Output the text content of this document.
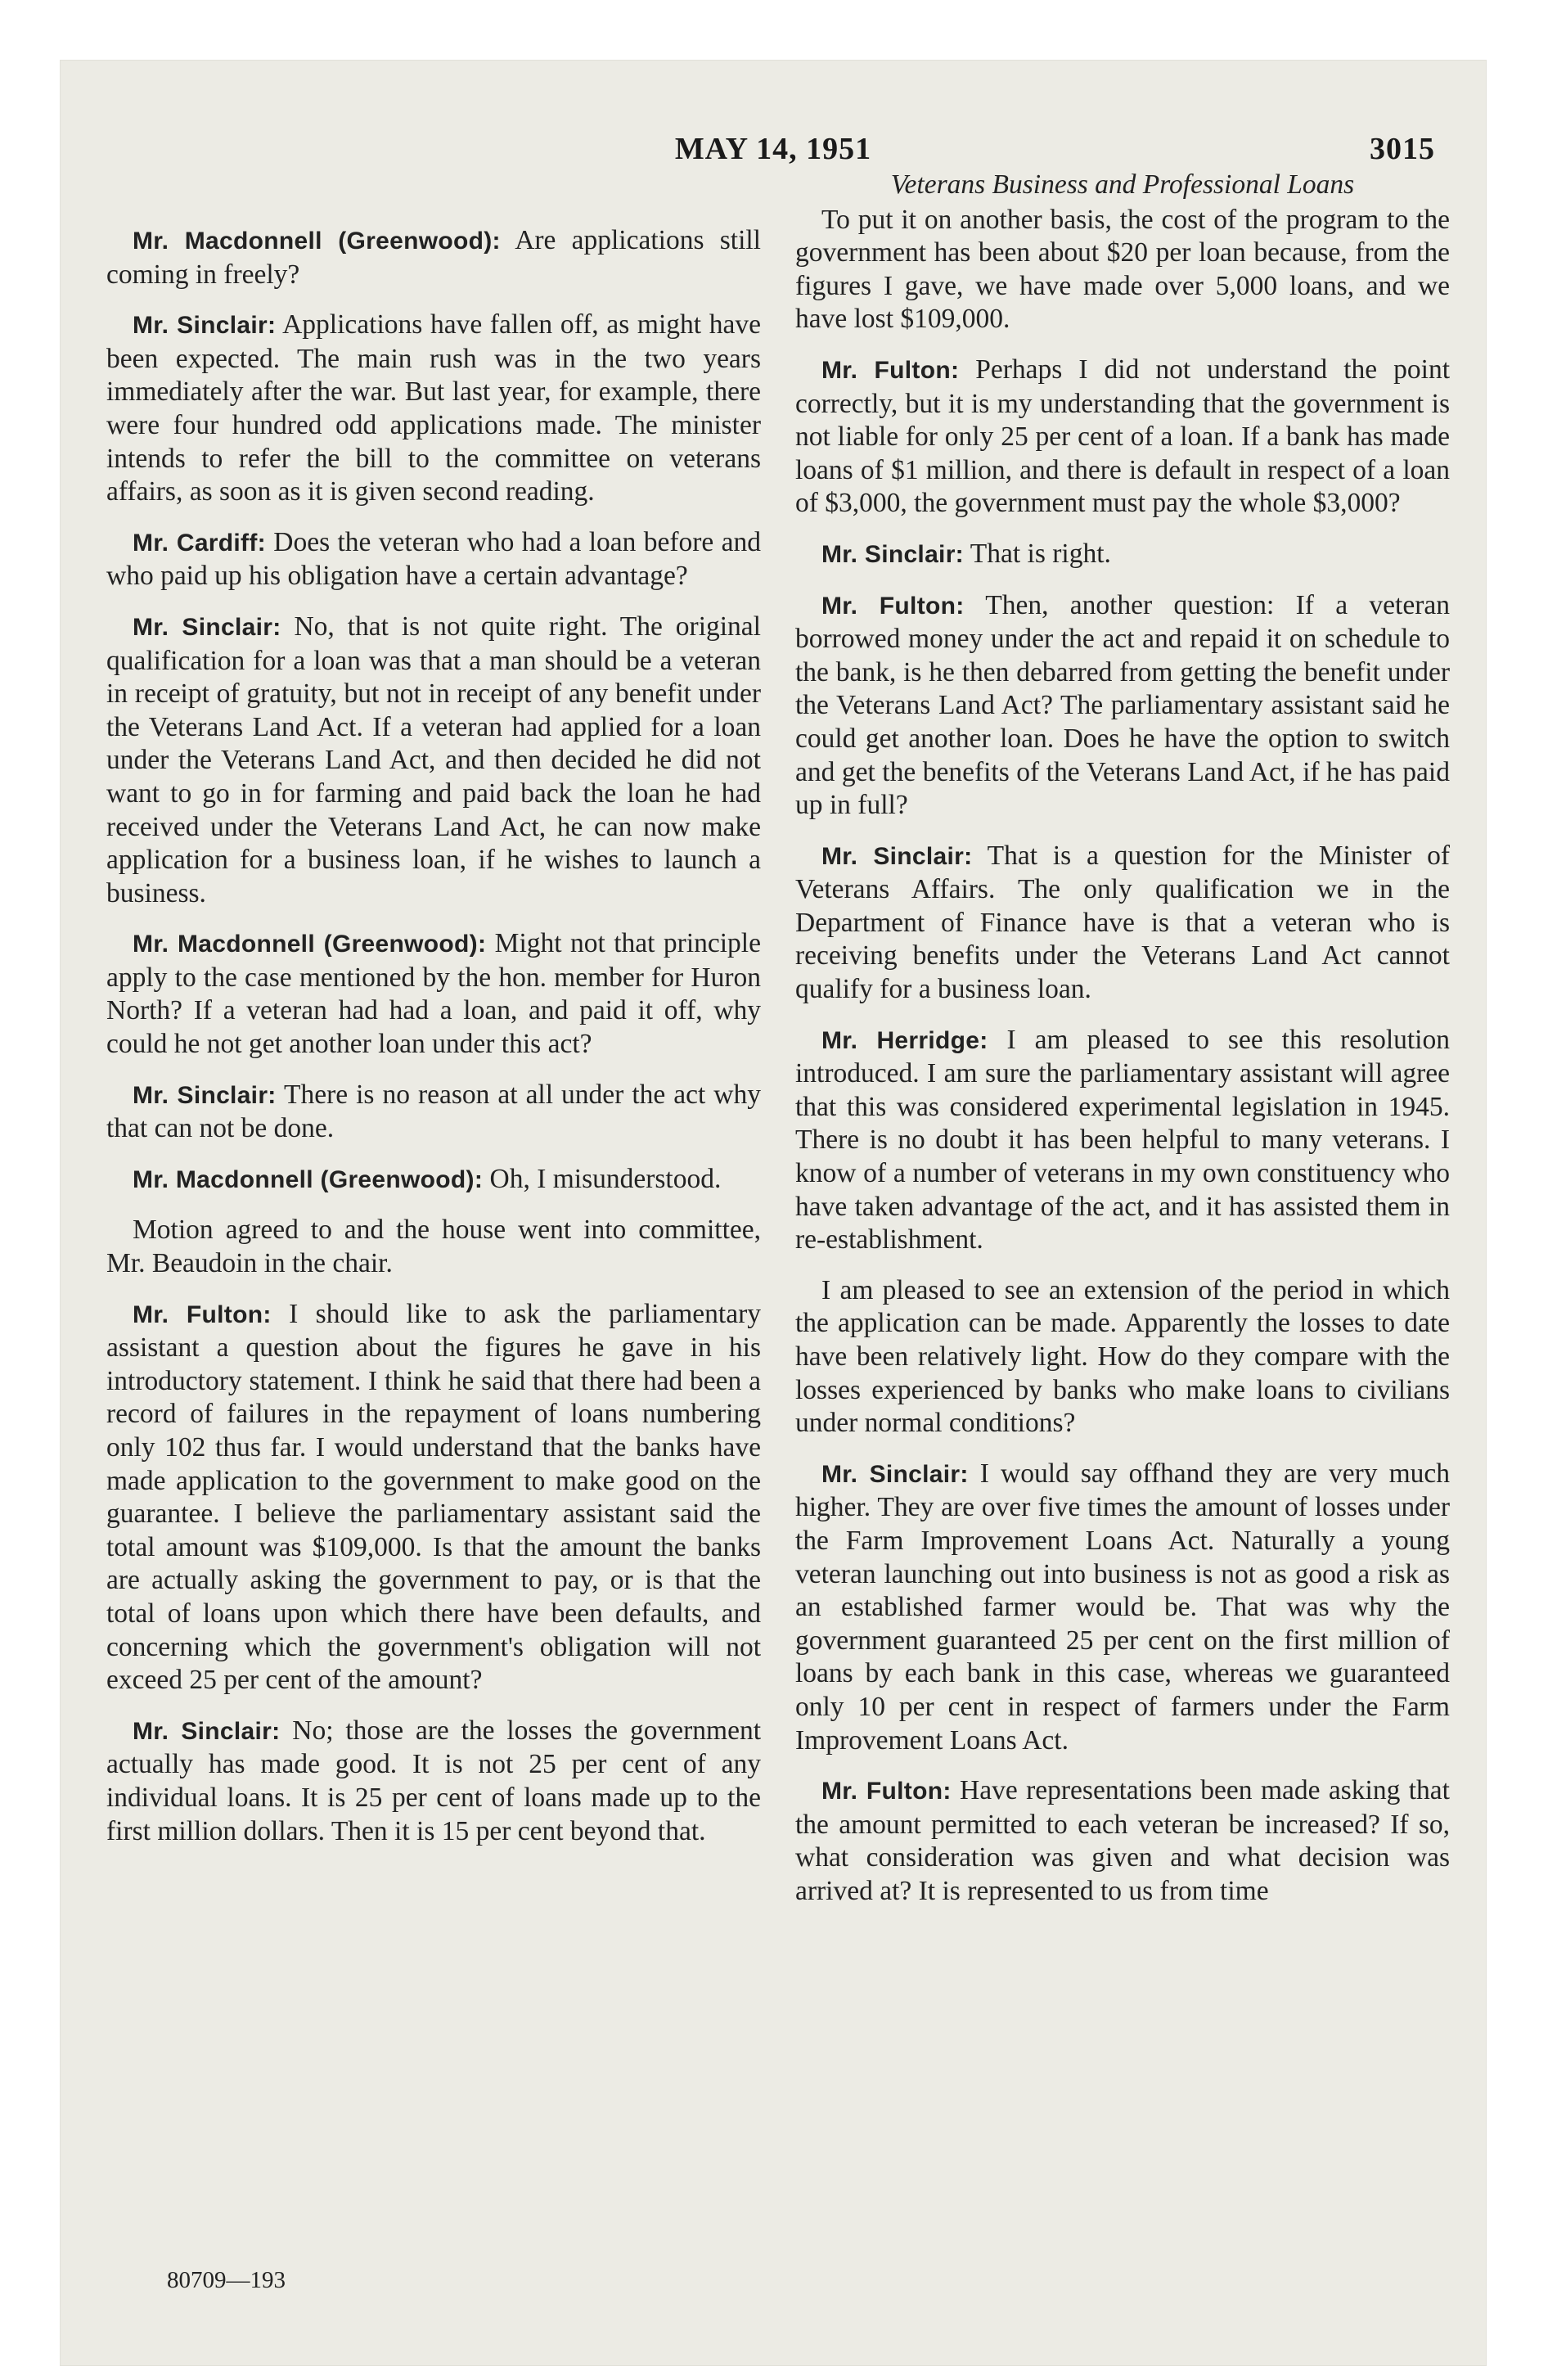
MAY 14, 1951	3015

Mr. Macdonnell (Greenwood): Are applications still coming in freely?

Mr. Sinclair: Applications have fallen off, as might have been expected. The main rush was in the two years immediately after the war. But last year, for example, there were four hundred odd applications made. The minister intends to refer the bill to the committee on veterans affairs, as soon as it is given second reading.

Mr. Cardiff: Does the veteran who had a loan before and who paid up his obligation have a certain advantage?

Mr. Sinclair: No, that is not quite right. The original qualification for a loan was that a man should be a veteran in receipt of gratuity, but not in receipt of any benefit under the Veterans Land Act. If a veteran had applied for a loan under the Veterans Land Act, and then decided he did not want to go in for farming and paid back the loan he had received under the Veterans Land Act, he can now make application for a business loan, if he wishes to launch a business.

Mr. Macdonnell (Greenwood): Might not that principle apply to the case mentioned by the hon. member for Huron North? If a veteran had had a loan, and paid it off, why could he not get another loan under this act?

Mr. Sinclair: There is no reason at all under the act why that can not be done.

Mr. Macdonnell (Greenwood): Oh, I misunderstood.

Motion agreed to and the house went into committee, Mr. Beaudoin in the chair.

Mr. Fulton: I should like to ask the parliamentary assistant a question about the figures he gave in his introductory statement. I think he said that there had been a record of failures in the repayment of loans numbering only 102 thus far. I would understand that the banks have made application to the government to make good on the guarantee. I believe the parliamentary assistant said the total amount was $109,000. Is that the amount the banks are actually asking the government to pay, or is that the total of loans upon which there have been defaults, and concerning which the government's obligation will not exceed 25 per cent of the amount?

Mr. Sinclair: No; those are the losses the government actually has made good. It is not 25 per cent of any individual loans. It is 25 per cent of loans made up to the first million dollars. Then it is 15 per cent beyond that.

Veterans Business and Professional Loans

To put it on another basis, the cost of the program to the government has been about $20 per loan because, from the figures I gave, we have made over 5,000 loans, and we have lost $109,000.

Mr. Fulton: Perhaps I did not understand the point correctly, but it is my understanding that the government is not liable for only 25 per cent of a loan. If a bank has made loans of $1 million, and there is default in respect of a loan of $3,000, the government must pay the whole $3,000?

Mr. Sinclair: That is right.

Mr. Fulton: Then, another question: If a veteran borrowed money under the act and repaid it on schedule to the bank, is he then debarred from getting the benefit under the Veterans Land Act? The parliamentary assistant said he could get another loan. Does he have the option to switch and get the benefits of the Veterans Land Act, if he has paid up in full?

Mr. Sinclair: That is a question for the Minister of Veterans Affairs. The only qualification we in the Department of Finance have is that a veteran who is receiving benefits under the Veterans Land Act cannot qualify for a business loan.

Mr. Herridge: I am pleased to see this resolution introduced. I am sure the parliamentary assistant will agree that this was considered experimental legislation in 1945. There is no doubt it has been helpful to many veterans. I know of a number of veterans in my own constituency who have taken advantage of the act, and it has assisted them in re-establishment.

I am pleased to see an extension of the period in which the application can be made. Apparently the losses to date have been relatively light. How do they compare with the losses experienced by banks who make loans to civilians under normal conditions?

Mr. Sinclair: I would say offhand they are very much higher. They are over five times the amount of losses under the Farm Improvement Loans Act. Naturally a young veteran launching out into business is not as good a risk as an established farmer would be. That was why the government guaranteed 25 per cent on the first million of loans by each bank in this case, whereas we guaranteed only 10 per cent in respect of farmers under the Farm Improvement Loans Act.

Mr. Fulton: Have representations been made asking that the amount permitted to each veteran be increased? If so, what consideration was given and what decision was arrived at? It is represented to us from time

80709—193
